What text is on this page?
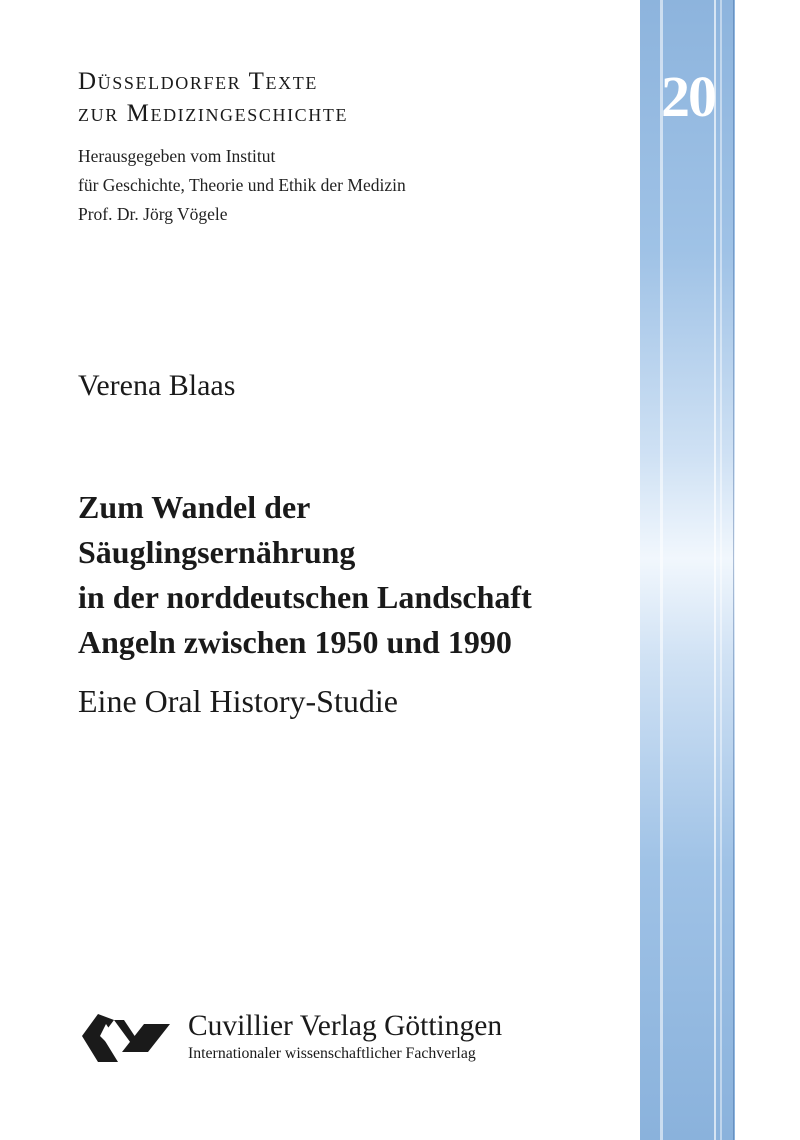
20
Düsseldorfer Texte
zur Medizingeschichte
Herausgegeben vom Institut
für Geschichte, Theorie und Ethik der Medizin
Prof. Dr. Jörg Vögele
Verena Blaas
Zum Wandel der
Säuglingsernährung
in der norddeutschen Landschaft
Angeln zwischen 1950 und 1990
Eine Oral History-Studie
Cuvillier Verlag Göttingen
Internationaler wissenschaftlicher Fachverlag
